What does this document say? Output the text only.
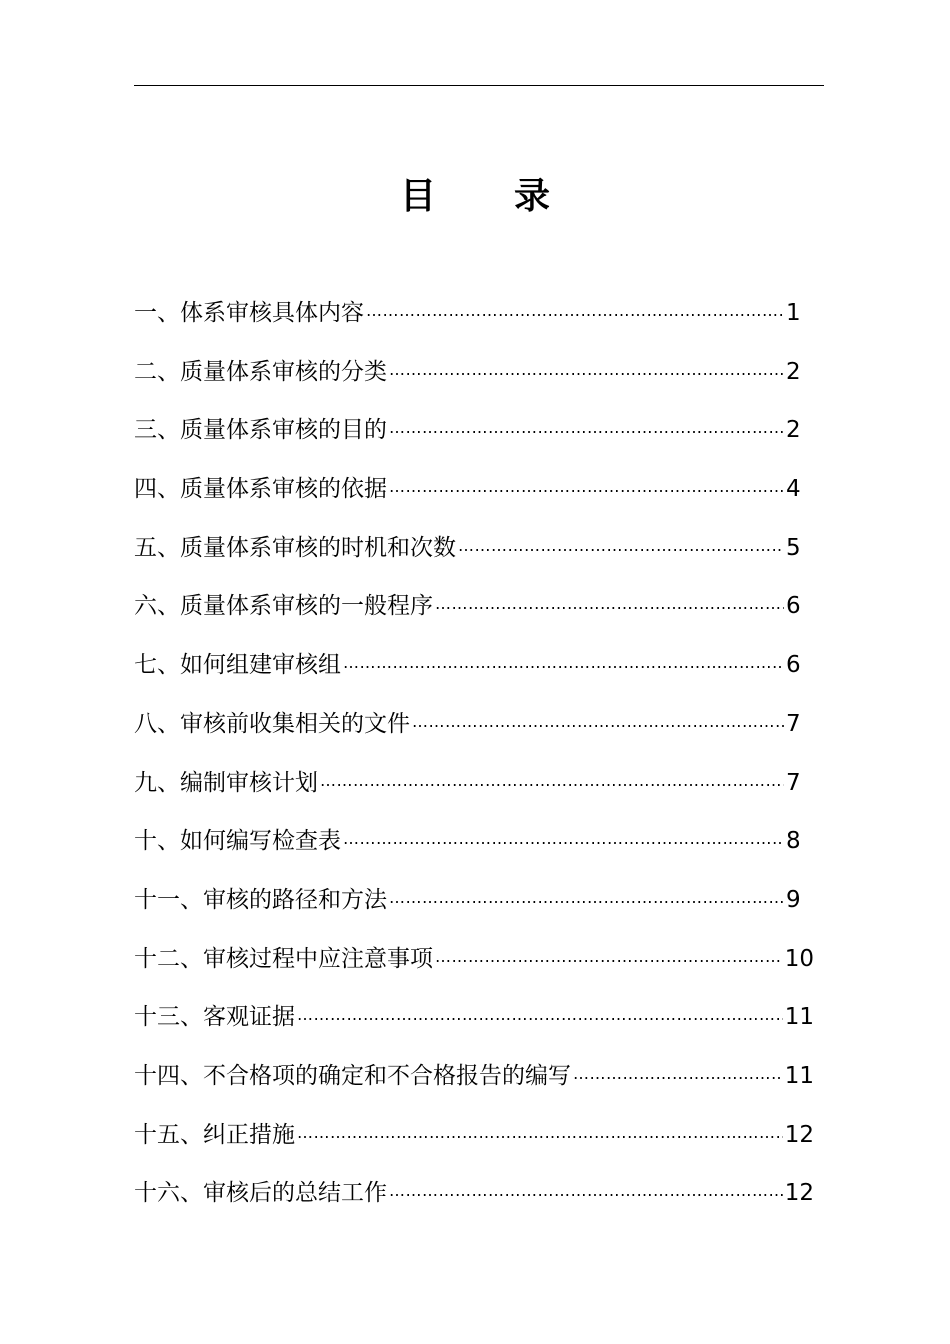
目 录
一、体系审核具体内容 …………………………………………………………………………………………………………………………………………………………………………………………	1
二、质量体系审核的分类 …………………………………………………………………………………………………………………………………………………………………………………………	2
三、质量体系审核的目的 …………………………………………………………………………………………………………………………………………………………………………………………	2
四、质量体系审核的依据 …………………………………………………………………………………………………………………………………………………………………………………………	4
五、质量体系审核的时机和次数 …………………………………………………………………………………………………………………………………………………………………………………………	5
六、质量体系审核的一般程序 …………………………………………………………………………………………………………………………………………………………………………………………	6
七、如何组建审核组 …………………………………………………………………………………………………………………………………………………………………………………………	6
八、审核前收集相关的文件 …………………………………………………………………………………………………………………………………………………………………………………………	7
九、编制审核计划 …………………………………………………………………………………………………………………………………………………………………………………………	7
十、如何编写检查表 …………………………………………………………………………………………………………………………………………………………………………………………	8
十一、审核的路径和方法 …………………………………………………………………………………………………………………………………………………………………………………………	9
十二、审核过程中应注意事项 …………………………………………………………………………………………………………………………………………………………………………………………	10
十三、客观证据 …………………………………………………………………………………………………………………………………………………………………………………………	11
十四、不合格项的确定和不合格报告的编写 …………………………………………………………………………………………………………………………………………………………………………………………	11
十五、纠正措施 …………………………………………………………………………………………………………………………………………………………………………………………	12
十六、审核后的总结工作 …………………………………………………………………………………………………………………………………………………………………………………………	12
